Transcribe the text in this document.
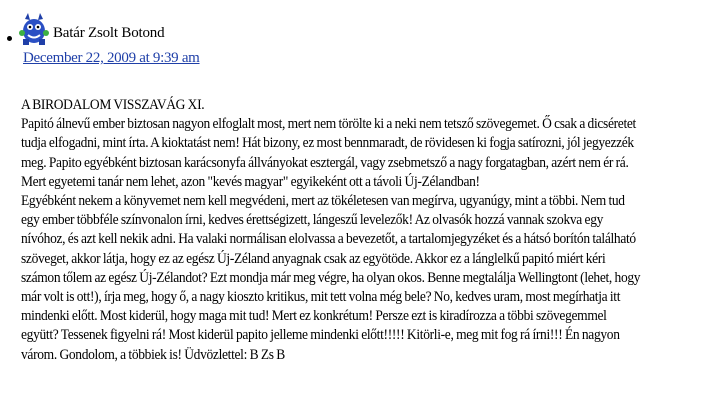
Batár Zsolt Botond
December 22, 2009 at 9:39 am
A BIRODALOM VISSZAVÁG XI.
Papitó álnevű ember biztosan nagyon elfoglalt most, mert nem törölte ki a neki nem tetsző szövegemet. Ő csak a dicséretet
tudja elfogadni, mint írta. A kioktatást nem! Hát bizony, ez most bennmaradt, de rövidesen ki fogja satírozni, jól jegyezzék
meg. Papito egyébként biztosan karácsonyfa állványokat esztergál, vagy zsebmetsző a nagy forgatagban, azért nem ér rá.
Mert egyetemi tanár nem lehet, azon "kevés magyar" egyikeként ott a távoli Új-Zélandban!
Egyébként nekem a könyvemet nem kell megvédeni, mert az tökéletesen van megírva, ugyanúgy, mint a többi. Nem tud
egy ember többféle színvonalon írni, kedves érettségizett, lángeszű levelezők! Az olvasók hozzá vannak szokva egy
nívóhoz, és azt kell nekik adni. Ha valaki normálisan elolvassa a bevezetőt, a tartalomjegyzéket és a hátsó borítón található
szöveget, akkor látja, hogy ez az egész Új-Zéland anyagnak csak az egyötöde. Akkor ez a lánglelkű papitó miért kéri
számon tőlem az egész Új-Zélandot? Ezt mondja már meg végre, ha olyan okos. Benne megtalálja Wellingtont (lehet, hogy
már volt is ott!), írja meg, hogy ő, a nagy kioszto kritikus, mit tett volna még bele? No, kedves uram, most megírhatja itt
mindenki előtt. Most kiderül, hogy maga mit tud! Mert ez konkrétum! Persze ezt is kiradírozza a többi szövegemmel
együtt? Tessenek figyelni rá! Most kiderül papito jelleme mindenki előtt!!!!! Kitörli-e, meg mit fog rá írni!!! Én nagyon
várom. Gondolom, a többiek is! Üdvözlettel: B Zs B
